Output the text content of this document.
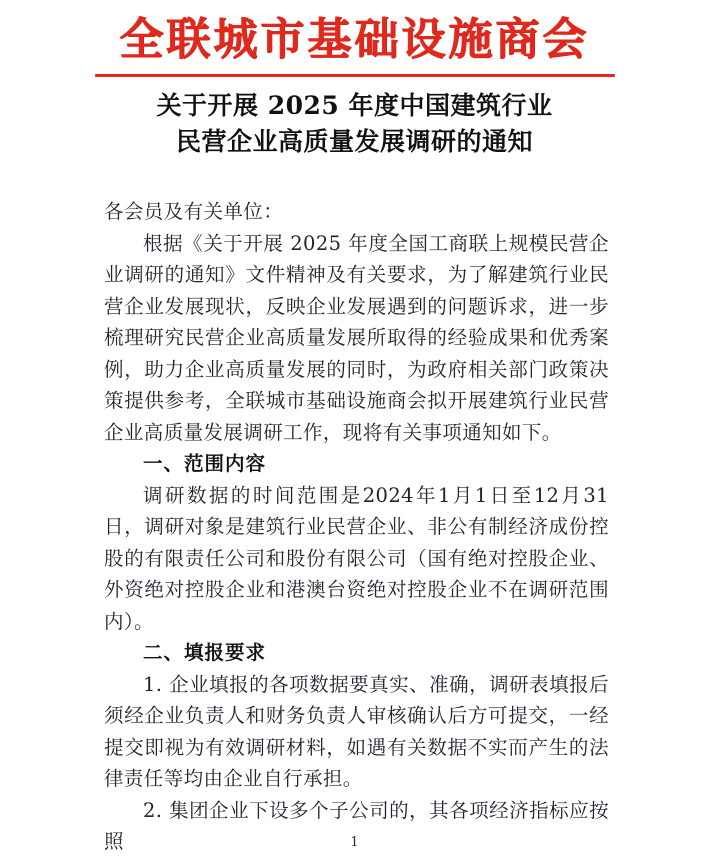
全联城市基础设施商会
关于开展 2025 年度中国建筑行业
民营企业高质量发展调研的通知

各会员及有关单位：

根据《关于开展 2025 年度全国工商联上规模民营企业调研的通知》文件精神及有关要求，为了解建筑行业民营企业发展现状，反映企业发展遇到的问题诉求，进一步梳理研究民营企业高质量发展所取得的经验成果和优秀案例，助力企业高质量发展的同时，为政府相关部门政策决策提供参考，全联城市基础设施商会拟开展建筑行业民营企业高质量发展调研工作，现将有关事项通知如下。

一、范围内容

调研数据的时间范围是2024年1月1日至12月31日，调研对象是建筑行业民营企业、非公有制经济成份控股的有限责任公司和股份有限公司（国有绝对控股企业、外资绝对控股企业和港澳台资绝对控股企业不在调研范围内）。

二、填报要求

1. 企业填报的各项数据要真实、准确，调研表填报后须经企业负责人和财务负责人审核确认后方可提交，一经提交即视为有效调研材料，如遇有关数据不实而产生的法律责任等均由企业自行承担。

2. 集团企业下设多个子公司的，其各项经济指标应按照	1
